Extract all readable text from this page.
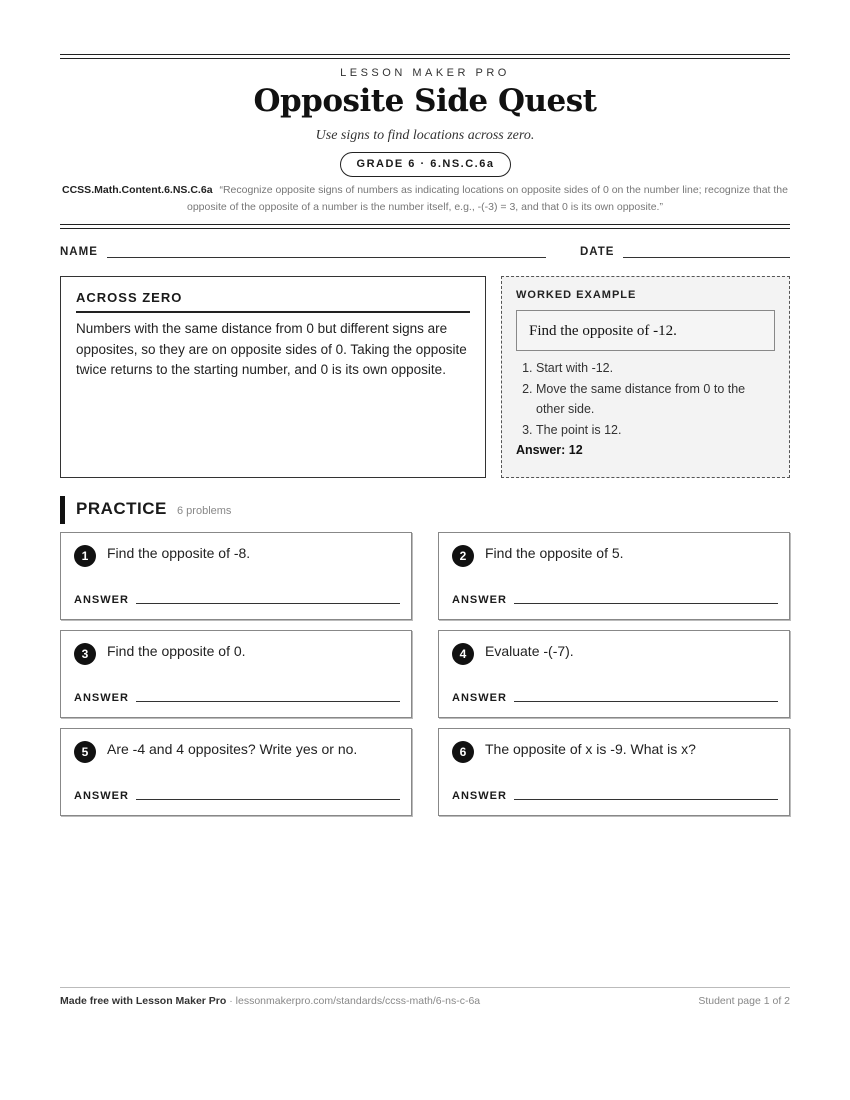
LESSON MAKER PRO
Opposite Side Quest
Use signs to find locations across zero.
GRADE 6 · 6.NS.C.6a
CCSS.Math.Content.6.NS.C.6a “Recognize opposite signs of numbers as indicating locations on opposite sides of 0 on the number line; recognize that the opposite of the opposite of a number is the number itself, e.g., -(-3) = 3, and that 0 is its own opposite.”
NAME	DATE
ACROSS ZERO
Numbers with the same distance from 0 but different signs are opposites, so they are on opposite sides of 0. Taking the opposite twice returns to the starting number, and 0 is its own opposite.
WORKED EXAMPLE
Find the opposite of -12.
1. Start with -12.
2. Move the same distance from 0 to the other side.
3. The point is 12.
Answer: 12
PRACTICE 6 problems
1	Find the opposite of -8.
ANSWER
2	Find the opposite of 5.
ANSWER
3	Find the opposite of 0.
ANSWER
4	Evaluate -(-7).
ANSWER
5	Are -4 and 4 opposites? Write yes or no.
ANSWER
6	The opposite of x is -9. What is x?
ANSWER
Made free with Lesson Maker Pro · lessonmakerpro.com/standards/ccss-math/6-ns-c-6a	Student page 1 of 2
